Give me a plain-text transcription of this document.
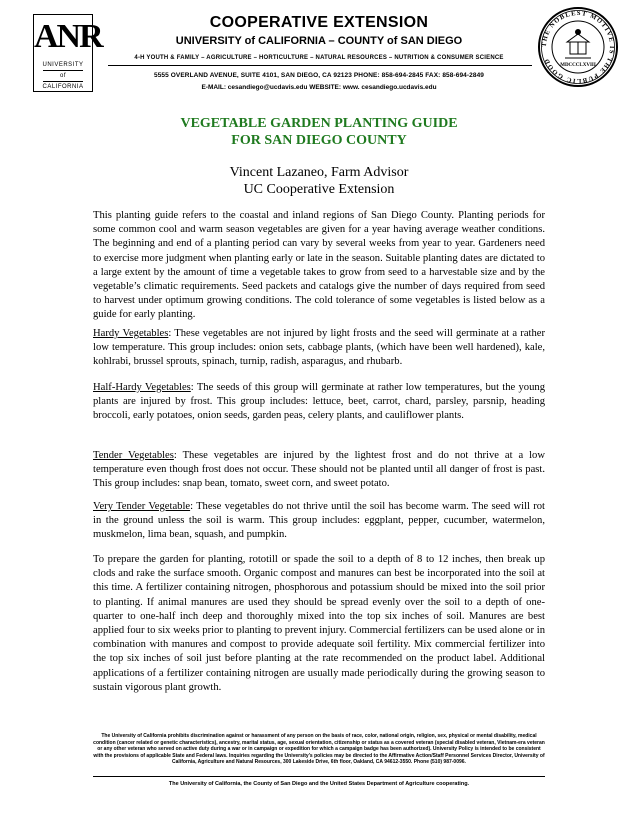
ANR
UNIVERSITY
of
CALIFORNIA
THE NOBLEST MOTIVE IS THE PUBLIC GOOD
MDCCCLXVIII
COOPERATIVE EXTENSION
UNIVERSITY of CALIFORNIA – COUNTY of SAN DIEGO
4-H YOUTH & FAMILY – AGRICULTURE – HORTICULTURE – NATURAL RESOURCES – NUTRITION & CONSUMER SCIENCE
5555 OVERLAND AVENUE, SUITE 4101, SAN DIEGO, CA 92123 PHONE: 858-694-2845 FAX: 858-694-2849
E-MAIL: cesandiego@ucdavis.edu WEBSITE: www. cesandiego.ucdavis.edu
VEGETABLE GARDEN PLANTING GUIDE
FOR SAN DIEGO COUNTY
Vincent Lazaneo, Farm Advisor
UC Cooperative Extension

This planting guide refers to the coastal and inland regions of San Diego County. Planting periods for some common cool and warm season vegetables are given for a year having average weather conditions. The beginning and end of a planting period can vary by several weeks from year to year. Gardeners need to exercise more judgment when planting early or late in the season. Suitable planting dates are dictated to a large extent by the amount of time a vegetable takes to grow from seed to a harvestable size and by the vegetable’s climatic requirements. Seed packets and catalogs give the number of days required from seed to harvest under optimum growing conditions. The cold tolerance of some vegetables is listed below as a guide for early planting.

Hardy Vegetables: These vegetables are not injured by light frosts and the seed will germinate at a rather low temperature. This group includes: onion sets, cabbage plants, (which have been well hardened), kale, kohlrabi, brussel sprouts, spinach, turnip, radish, asparagus, and rhubarb.

Half-Hardy Vegetables: The seeds of this group will germinate at rather low temperatures, but the young plants are injured by frost. This group includes: lettuce, beet, carrot, chard, parsley, parsnip, heading broccoli, early potatoes, onion seeds, garden peas, celery plants, and cauliflower plants.

Tender Vegetables: These vegetables are injured by the lightest frost and do not thrive at a low temperature even though frost does not occur. These should not be planted until all danger of frost is past. This group includes: snap bean, tomato, sweet corn, and sweet potato.

Very Tender Vegetable: These vegetables do not thrive until the soil has become warm. The seed will rot in the ground unless the soil is warm. This group includes: eggplant, pepper, cucumber, watermelon, muskmelon, lima bean, squash, and pumpkin.

To prepare the garden for planting, rototill or spade the soil to a depth of 8 to 12 inches, then break up clods and rake the surface smooth. Organic compost and manures can best be incorporated into the soil at this time. A fertilizer containing nitrogen, phosphorous and potassium should be mixed into the soil prior to planting. If animal manures are used they should be spread evenly over the soil to a depth of one-quarter to one-half inch deep and thoroughly mixed into the top six inches of soil. Manures are best applied four to six weeks prior to planting to prevent injury. Commercial fertilizers can be used alone or in combination with manures and compost to provide adequate soil fertility. Mix commercial fertilizer into the top six inches of soil just before planting at the rate recommended on the product label. Additional applications of a fertilizer containing nitrogen are usually made periodically during the growing season to sustain vigorous plant growth.

The University of California prohibits discrimination against or harassment of any person on the basis of race, color, national origin, religion, sex, physical or mental disability, medical condition (cancer related or genetic characteristics), ancestry, marital status, age, sexual orientation, citizenship or status as a covered veteran (special disabled veteran, Vietnam-era veteran or any other veteran who served on active duty during a war or in campaign or expedition for which a campaign badge has been authorized). University Policy is intended to be consistent with the provisions of applicable State and Federal laws. Inquiries regarding the University’s policies may be directed to the Affirmative Action/Staff Personnel Services Director, University of California, Agriculture and Natural Resources, 300 Lakeside Drive, 6th floor, Oakland, CA 94612-3550. Phone (510) 987-0096.
The University of California, the County of San Diego and the United States Department of Agriculture cooperating.
